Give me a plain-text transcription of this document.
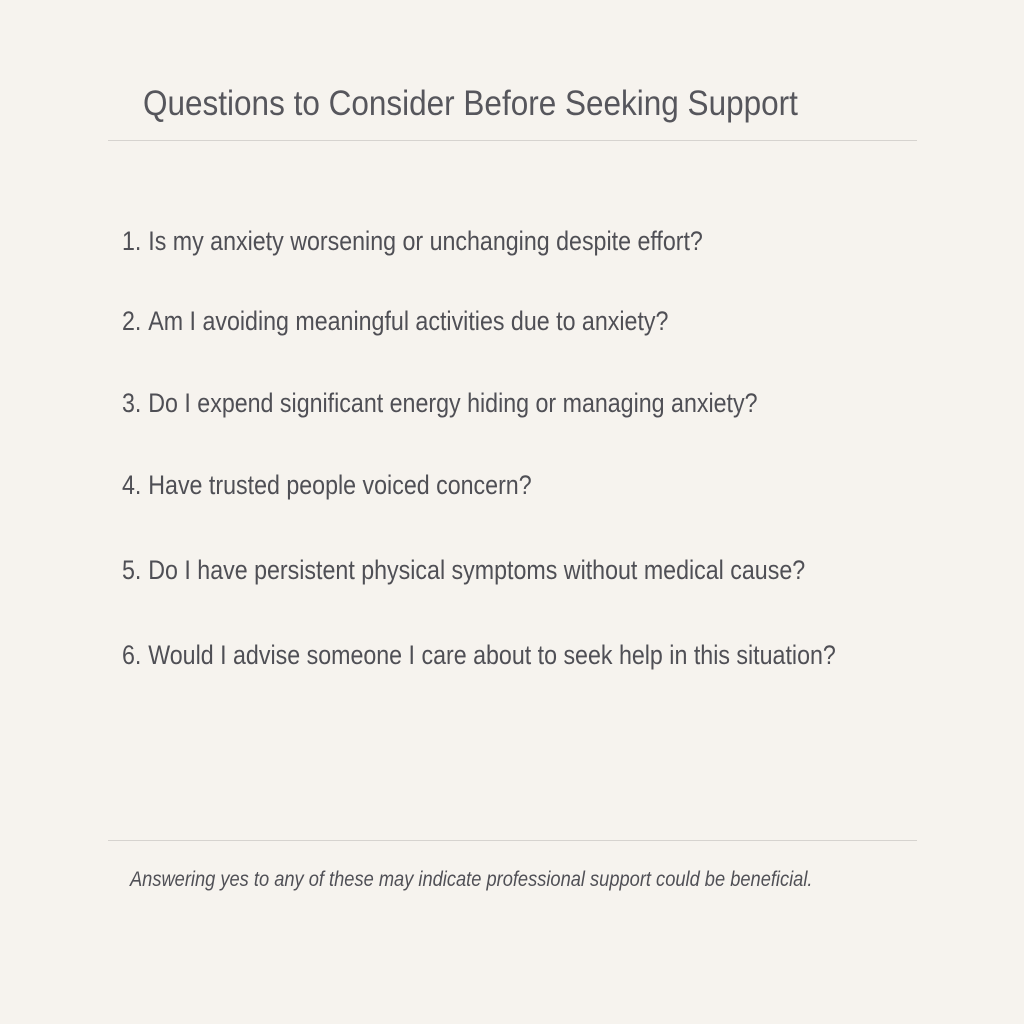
Questions to Consider Before Seeking Support
1. Is my anxiety worsening or unchanging despite effort?
2. Am I avoiding meaningful activities due to anxiety?
3. Do I expend significant energy hiding or managing anxiety?
4. Have trusted people voiced concern?
5. Do I have persistent physical symptoms without medical cause?
6. Would I advise someone I care about to seek help in this situation?
Answering yes to any of these may indicate professional support could be beneficial.
